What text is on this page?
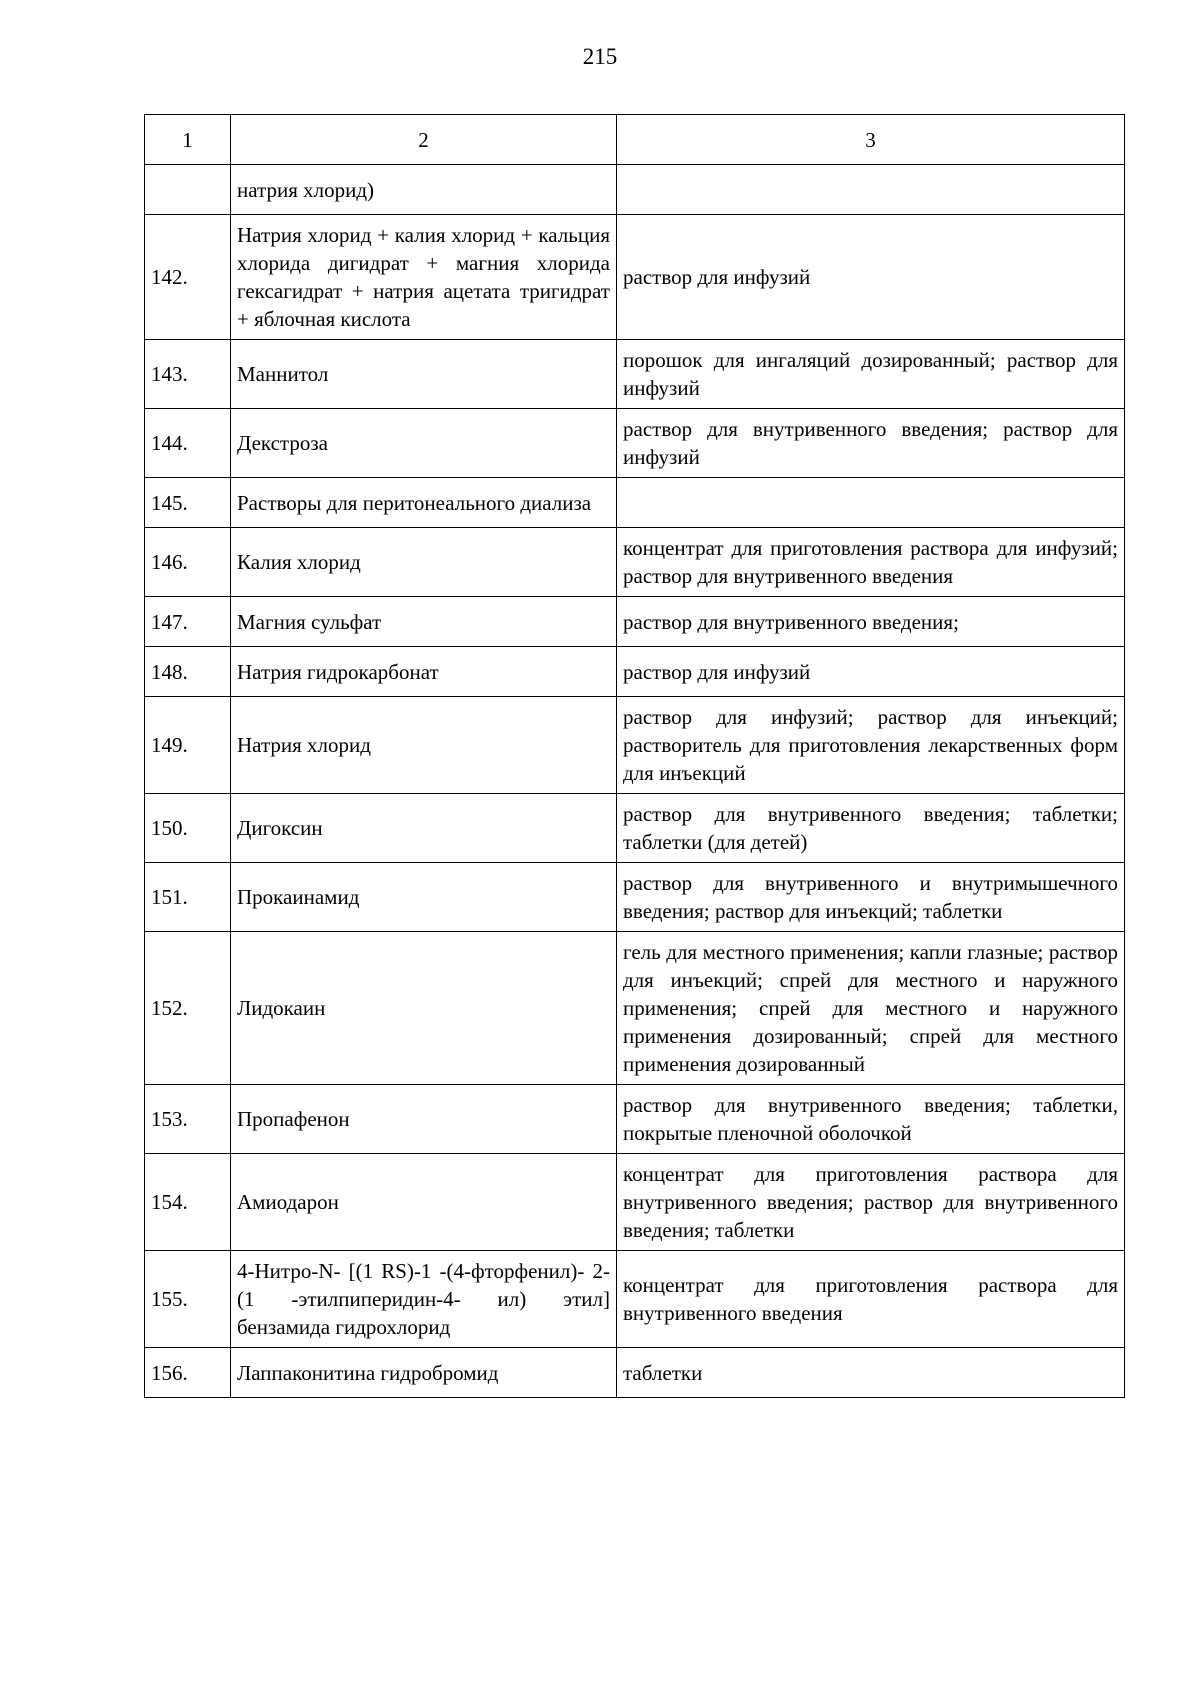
215
1	2	3
	натрия хлорид)	
142.	Натрия хлорид + калия хлорид + кальция хлорида дигидрат + магния хлорида гексагидрат + натрия ацетата тригидрат + яблочная кислота	раствор для инфузий
143.	Маннитол	порошок для ингаляций дозированный; раствор для инфузий
144.	Декстроза	раствор для внутривенного введения; раствор для инфузий
145.	Растворы для перитонеального диализа	
146.	Калия хлорид	концентрат для приготовления раствора для инфузий; раствор для внутривенного введения
147.	Магния сульфат	раствор для внутривенного введения;
148.	Натрия гидрокарбонат	раствор для инфузий
149.	Натрия хлорид	раствор для инфузий; раствор для инъекций; растворитель для приготовления лекарственных форм для инъекций
150.	Дигоксин	раствор для внутривенного введения; таблетки; таблетки (для детей)
151.	Прокаинамид	раствор для внутривенного и внутримышечного введения; раствор для инъекций; таблетки
152.	Лидокаин	гель для местного применения; капли глазные; раствор для инъекций; спрей для местного и наружного применения; спрей для местного и наружного применения дозированный; спрей для местного применения дозированный
153.	Пропафенон	раствор для внутривенного введения; таблетки, покрытые пленочной оболочкой
154.	Амиодарон	концентрат для приготовления раствора для внутривенного введения; раствор для внутривенного введения; таблетки
155.	4-Нитро-N- [(1 RS)-1 -(4-фторфенил)- 2-(1 -этилпиперидин-4- ил) этил] бензамида гидрохлорид	концентрат для приготовления раствора для внутривенного введения
156.	Лаппаконитина гидробромид	таблетки
